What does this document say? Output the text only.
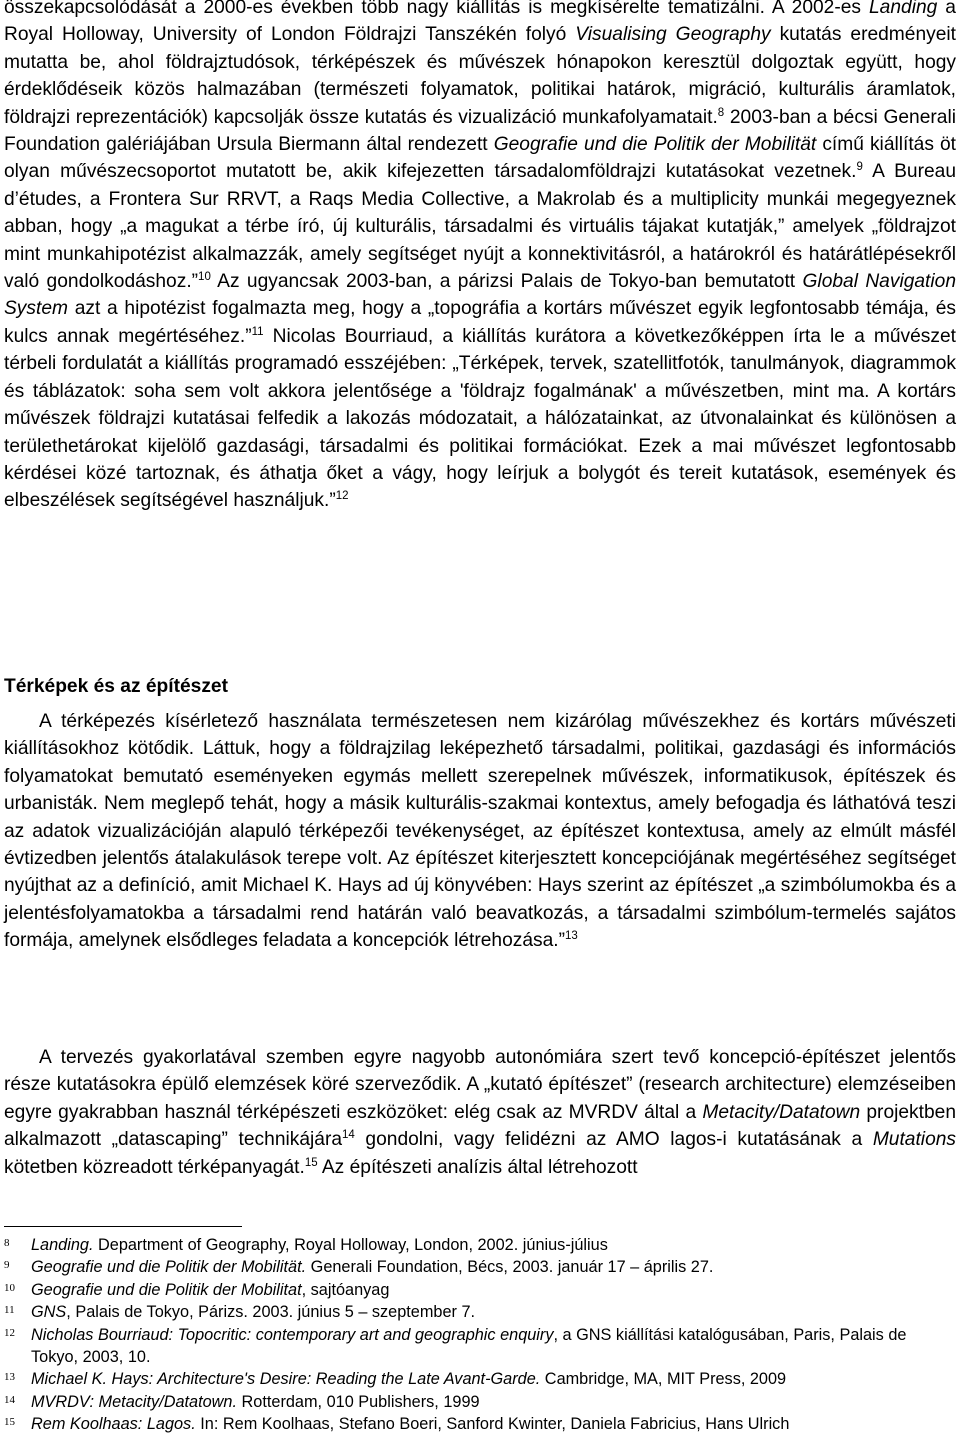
összekapcsolódását a 2000-es években több nagy kiállítás is megkísérelte tematizálni. A 2002-es Landing a Royal Holloway, University of London Földrajzi Tanszékén folyó Visualising Geography kutatás eredményeit mutatta be, ahol földrajztudósok, térképészek és művészek hónapokon keresztül dolgoztak együtt, hogy érdeklődéseik közös halmazában (természeti folyamatok, politikai határok, migráció, kulturális áramlatok, földrajzi reprezentációk) kapcsolják össze kutatás és vizualizáció munkafolyamatait.$^8$ 2003-ban a bécsi Generali Foundation galériájában Ursula Biermann által rendezett Geografie und die Politik der Mobilität című kiállítás öt olyan művészecsoportot mutatott be, akik kifejezetten társadalomföldrajzi kutatásokat vezetnek.$^9$ A Bureau d’études, a Frontera Sur RRVT, a Raqs Media Collective, a Makrolab és a multiplicity munkái megegyeznek abban, hogy „a magukat a térbe író, új kulturális, társadalmi és virtuális tájakat kutatják,” amelyek „földrajzot mint munkahipotézist alkalmazzák, amely segítséget nyújt a konnektivitásról, a határokról és határátlépésekről való gondolkodáshoz.”$^{10}$ Az ugyancsak 2003-ban, a párizsi Palais de Tokyo-ban bemutatott Global Navigation System azt a hipotézist fogalmazta meg, hogy a „topográfia a kortárs művészet egyik legfontosabb témája, és kulcs annak megértéséhez.”$^{11}$ Nicolas Bourriaud, a kiállítás kurátora a következőképpen írta le a művészet térbeli fordulatát a kiállítás programadó esszéjében: „Térképek, tervek, szatellitfotók, tanulmányok, diagrammok és táblázatok: soha sem volt akkora jelentősége a 'földrajz fogalmának' a művészetben, mint ma. A kortárs művészek földrajzi kutatásai felfedik a lakozás módozatait, a hálózatainkat, az útvonalainkat és különösen a területhetárokat kijelölő gazdasági, társadalmi és politikai formációkat. Ezek a mai művészet legfontosabb kérdései közé tartoznak, és áthatja őket a vágy, hogy leírjuk a bolygót és tereit kutatások, események és elbeszélések segítségével használjuk.”$^{12}$

Térképek és az építészet

A térképezés kísérletező használata természetesen nem kizárólag művészekhez és kortárs művészeti kiállításokhoz kötődik. Láttuk, hogy a földrajzilag leképezhető társadalmi, politikai, gazdasági és információs folyamatokat bemutató eseményeken egymás mellett szerepelnek művészek, informatikusok, építészek és urbanisták. Nem meglepő tehát, hogy a másik kulturális-szakmai kontextus, amely befogadja és láthatóvá teszi az adatok vizualizációján alapuló térképezői tevékenységet, az építészet kontextusa, amely az elmúlt másfél évtizedben jelentős átalakulások terepe volt. Az építészet kiterjesztett koncepciójának megértéséhez segítséget nyújthat az a definíció, amit Michael K. Hays ad új könyvében: Hays szerint az építészet „a szimbólumokba és a jelentésfolyamatokba a társadalmi rend határán való beavatkozás, a társadalmi szimbólum-termelés sajátos formája, amelynek elsődleges feladata a koncepciók létrehozása.”$^{13}$

A tervezés gyakorlatával szemben egyre nagyobb autonómiára szert tevő koncepció-építészet jelentős része kutatásokra épülő elemzések köré szerveződik. A „kutató építészet” (research architecture) elemzéseiben egyre gyakrabban használ térképészeti eszközöket: elég csak az MVRDV által a Metacity/Datatown projektben alkalmazott „datascaping” technikájára$^{14}$ gondolni, vagy felidézni az AMO lagos-i kutatásának a Mutations kötetben közreadott térképanyagát.$^{15}$ Az építészeti analízis által létrehozott

8 Landing. Department of Geography, Royal Holloway, London, 2002. június-július

9 Geografie und die Politik der Mobilität. Generali Foundation, Bécs, 2003. január 17 – április 27.

10 Geografie und die Politik der Mobilitat, sajtóanyag

11 GNS, Palais de Tokyo, Párizs. 2003. június 5 – szeptember 7.

12 Nicholas Bourriaud: Topocritic: contemporary art and geographic enquiry, a GNS kiállítási katalógusában, Paris, Palais de Tokyo, 2003, 10.

13 Michael K. Hays: Architecture's Desire: Reading the Late Avant-Garde. Cambridge, MA, MIT Press, 2009

14 MVRDV: Metacity/Datatown. Rotterdam, 010 Publishers, 1999

15 Rem Koolhaas: Lagos. In: Rem Koolhaas, Stefano Boeri, Sanford Kwinter, Daniela Fabricius, Hans Ulrich
